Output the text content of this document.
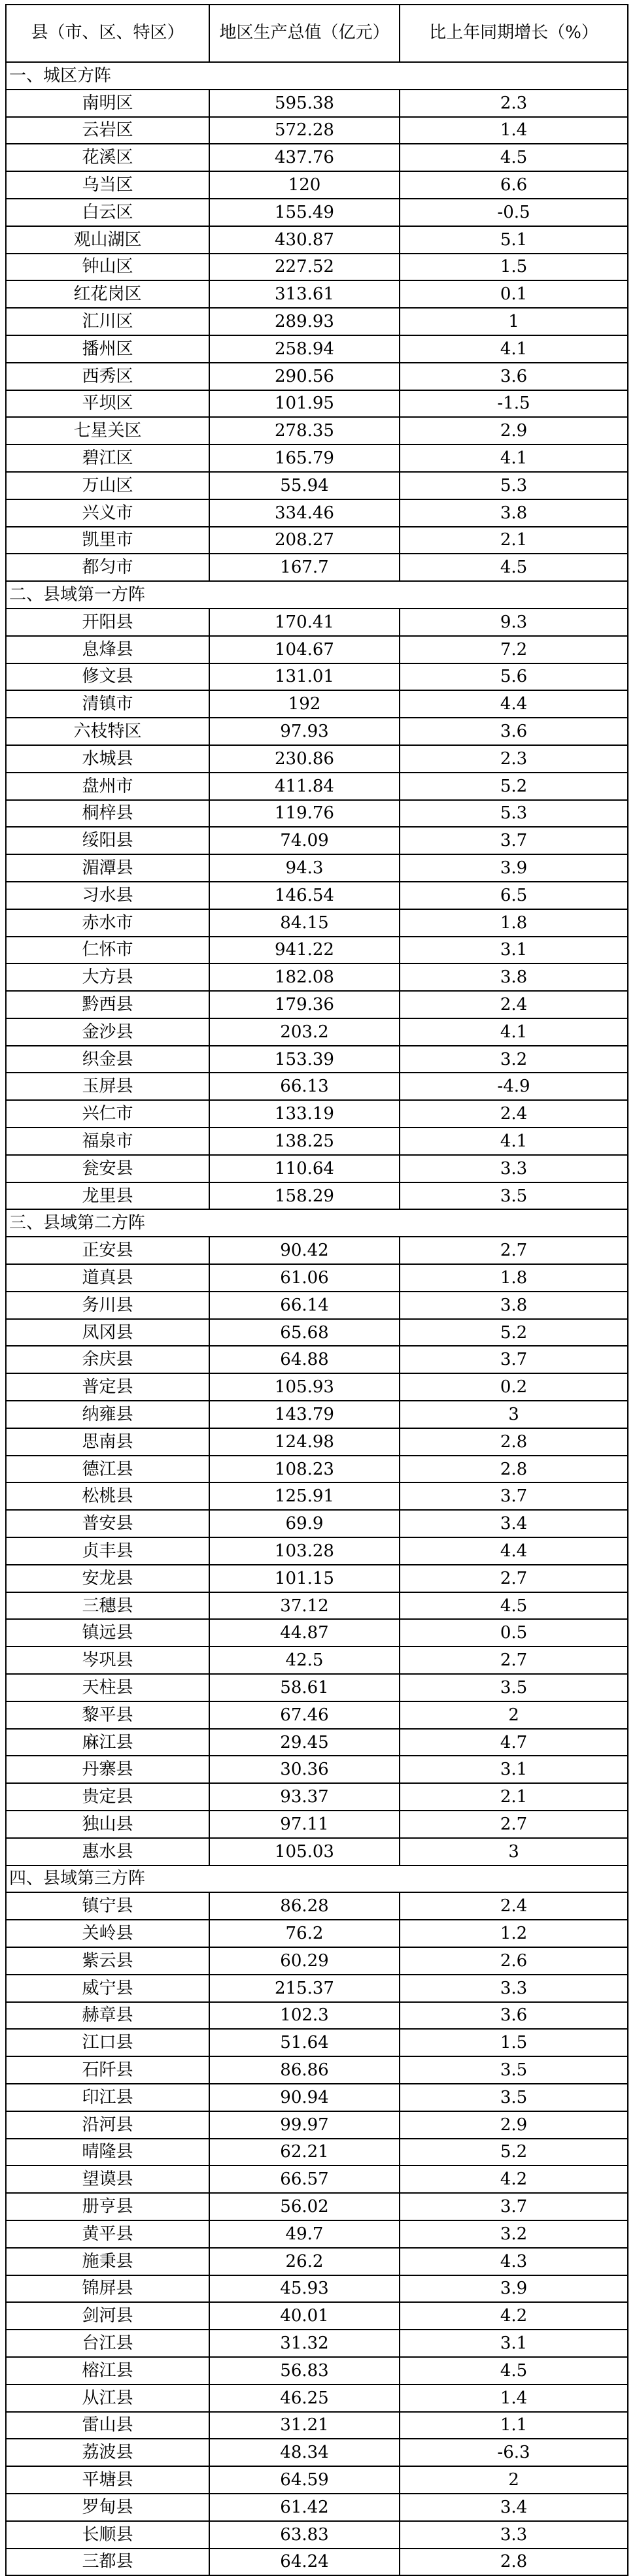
县（市、区、特区）	地区生产总值（亿元）	比上年同期增长（%）
一、城区方阵		
南明区	595.38	2.3
云岩区	572.28	1.4
花溪区	437.76	4.5
乌当区	120	6.6
白云区	155.49	-0.5
观山湖区	430.87	5.1
钟山区	227.52	1.5
红花岗区	313.61	0.1
汇川区	289.93	1
播州区	258.94	4.1
西秀区	290.56	3.6
平坝区	101.95	-1.5
七星关区	278.35	2.9
碧江区	165.79	4.1
万山区	55.94	5.3
兴义市	334.46	3.8
凯里市	208.27	2.1
都匀市	167.7	4.5
二、县域第一方阵		
开阳县	170.41	9.3
息烽县	104.67	7.2
修文县	131.01	5.6
清镇市	192	4.4
六枝特区	97.93	3.6
水城县	230.86	2.3
盘州市	411.84	5.2
桐梓县	119.76	5.3
绥阳县	74.09	3.7
湄潭县	94.3	3.9
习水县	146.54	6.5
赤水市	84.15	1.8
仁怀市	941.22	3.1
大方县	182.08	3.8
黔西县	179.36	2.4
金沙县	203.2	4.1
织金县	153.39	3.2
玉屏县	66.13	-4.9
兴仁市	133.19	2.4
福泉市	138.25	4.1
瓮安县	110.64	3.3
龙里县	158.29	3.5
三、县域第二方阵		
正安县	90.42	2.7
道真县	61.06	1.8
务川县	66.14	3.8
凤冈县	65.68	5.2
余庆县	64.88	3.7
普定县	105.93	0.2
纳雍县	143.79	3
思南县	124.98	2.8
德江县	108.23	2.8
松桃县	125.91	3.7
普安县	69.9	3.4
贞丰县	103.28	4.4
安龙县	101.15	2.7
三穗县	37.12	4.5
镇远县	44.87	0.5
岑巩县	42.5	2.7
天柱县	58.61	3.5
黎平县	67.46	2
麻江县	29.45	4.7
丹寨县	30.36	3.1
贵定县	93.37	2.1
独山县	97.11	2.7
惠水县	105.03	3
四、县域第三方阵		
镇宁县	86.28	2.4
关岭县	76.2	1.2
紫云县	60.29	2.6
威宁县	215.37	3.3
赫章县	102.3	3.6
江口县	51.64	1.5
石阡县	86.86	3.5
印江县	90.94	3.5
沿河县	99.97	2.9
晴隆县	62.21	5.2
望谟县	66.57	4.2
册亨县	56.02	3.7
黄平县	49.7	3.2
施秉县	26.2	4.3
锦屏县	45.93	3.9
剑河县	40.01	4.2
台江县	31.32	3.1
榕江县	56.83	4.5
从江县	46.25	1.4
雷山县	31.21	1.1
荔波县	48.34	-6.3
平塘县	64.59	2
罗甸县	61.42	3.4
长顺县	63.83	3.3
三都县	64.24	2.8
